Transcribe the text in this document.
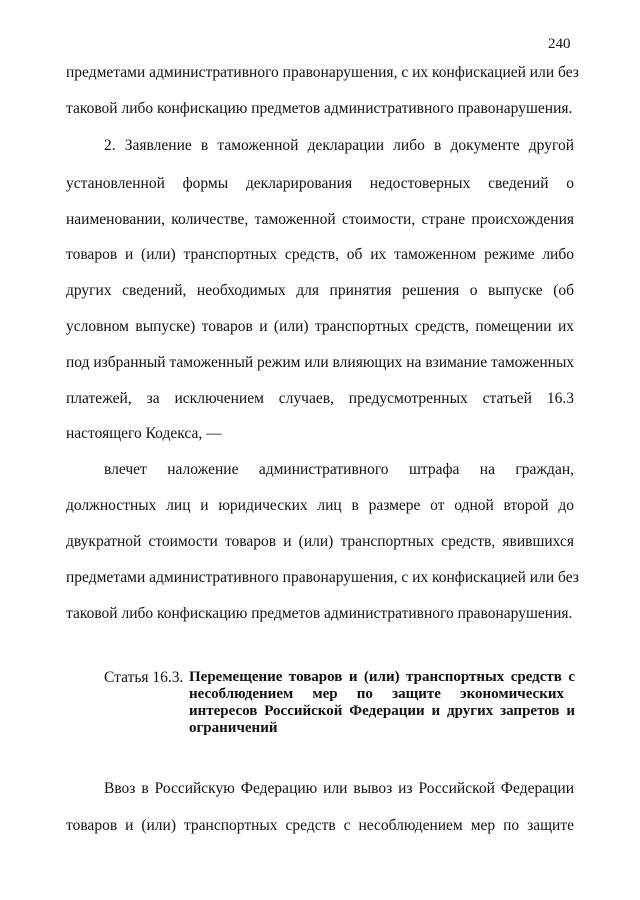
240
предметами административного правонарушения, с их конфискацией или без
таковой либо конфискацию предметов административного правонарушения.
2. Заявление в таможенной декларации либо в документе другой
установленной формы декларирования недостоверных сведений о
наименовании, количестве, таможенной стоимости, стране происхождения
товаров и (или) транспортных средств, об их таможенном режиме либо
других сведений, необходимых для принятия решения о выпуске (об
условном выпуске) товаров и (или) транспортных средств, помещении их
под избранный таможенный режим или влияющих на взимание таможенных
платежей, за исключением случаев, предусмотренных статьей 16.3
настоящего Кодекса, —
влечет наложение административного штрафа на граждан,
должностных лиц и юридических лиц в размере от одной второй до
двукратной стоимости товаров и (или) транспортных средств, явившихся
предметами административного правонарушения, с их конфискацией или без
таковой либо конфискацию предметов административного правонарушения.
Статья 16.3. Перемещение товаров и (или) транспортных средств с
несоблюдением мер по защите экономических
интересов Российской Федерации и других запретов и
ограничений
Ввоз в Российскую Федерацию или вывоз из Российской Федерации
товаров и (или) транспортных средств с несоблюдением мер по защите
